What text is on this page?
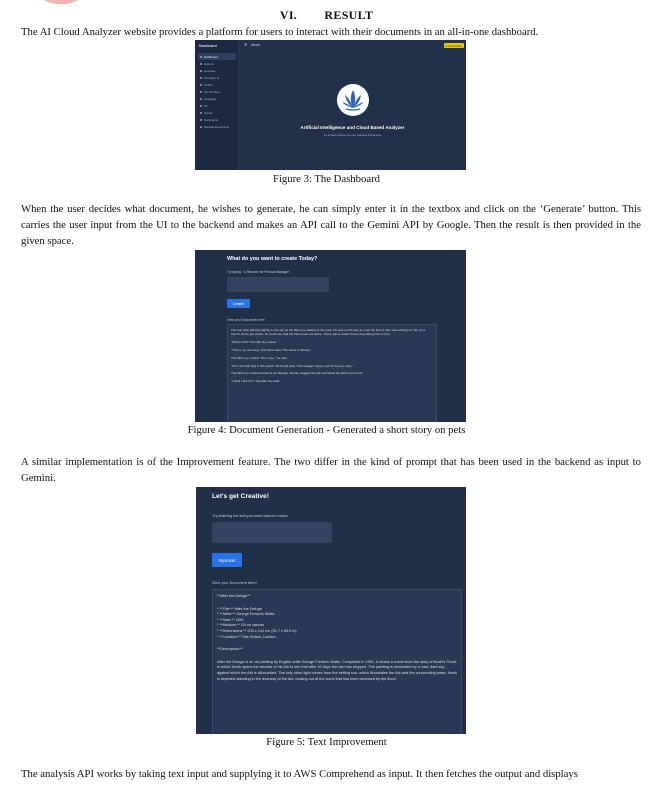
VI. RESULT

The AI Cloud Analyzer website provides a platform for users to interact with their documents in an all-in-one dashboard.

Dashboard
Dashboard
Improve
Generate
Complete AI
Outline
Key Phrases
Language
PII
Syntax
Sentiments
Manage Documents
☰ About	Get Premium
Artificial Intelligence and Cloud Based Analyzer
It's a place where you can manage documents
Figure 3: The Dashboard

When the user decides what document, he wishes to generate, he can simply enter it in the textbox and click on the ‘Generate’ button. This carries the user input from the UI to the backend and makes an API call to the Gemini API by Google. Then the result is then provided in the given space.

What do you want to create Today?
Try typing : 'A Resume for Product Manager'
Create!
View your Document here!

The sun was shining brightly in the sky as the little boy walked to the park. He was on his way to meet his friend, who was waiting for him on a bench. As he got closer, he could see that his friend was not alone. There was a small, brown dog sitting next to him.

"Who's that?" the little boy asked.

"This is my new dog," his friend said. "His name is Sparky."

The little boy smiled. "He's cute," he said.

"He's the best dog in the world," his friend said. "He's always happy and he loves to play."

The little boy reached down to pet Sparky. Sparky wagged his tail and licked the little boy's hand.

"I think I like him," the little boy said.

Figure 4: Document Generation - Generated a short story on pets

A similar implementation is of the Improvement feature. The two differ in the kind of prompt that has been used in the backend as input to Gemini.

Let's get Creative!
Try entering the text you want improve below.
Improve!
View your Document here!
**After the Deluge**
* **Title:** After the Deluge
* **Artist:** George Frederic Watts
* **Date:** 1891
* **Medium:** Oil on canvas
* **Dimensions:** 233 x 142 cm (91.7 x 55.9 in)
* **Location:** Tate Britain, London
**Description:**

After the Deluge is an oil painting by English artist George Frederic Watts. Completed in 1891, it shows a scene from the story of Noah's Flood, in which Noah opens the window of his Ark to see that after 40 days the rain has stopped. The painting is dominated by a vast, dark sky, against which the Ark is silhouetted. The only other light comes from the setting sun, which illuminates the Ark and the surrounding water. Noah is depicted standing in the doorway of the Ark, looking out at the world that has been cleansed by the flood.

Figure 5: Text Improvement

The analysis API works by taking text input and supplying it to AWS Comprehend as input. It then fetches the output and displays
